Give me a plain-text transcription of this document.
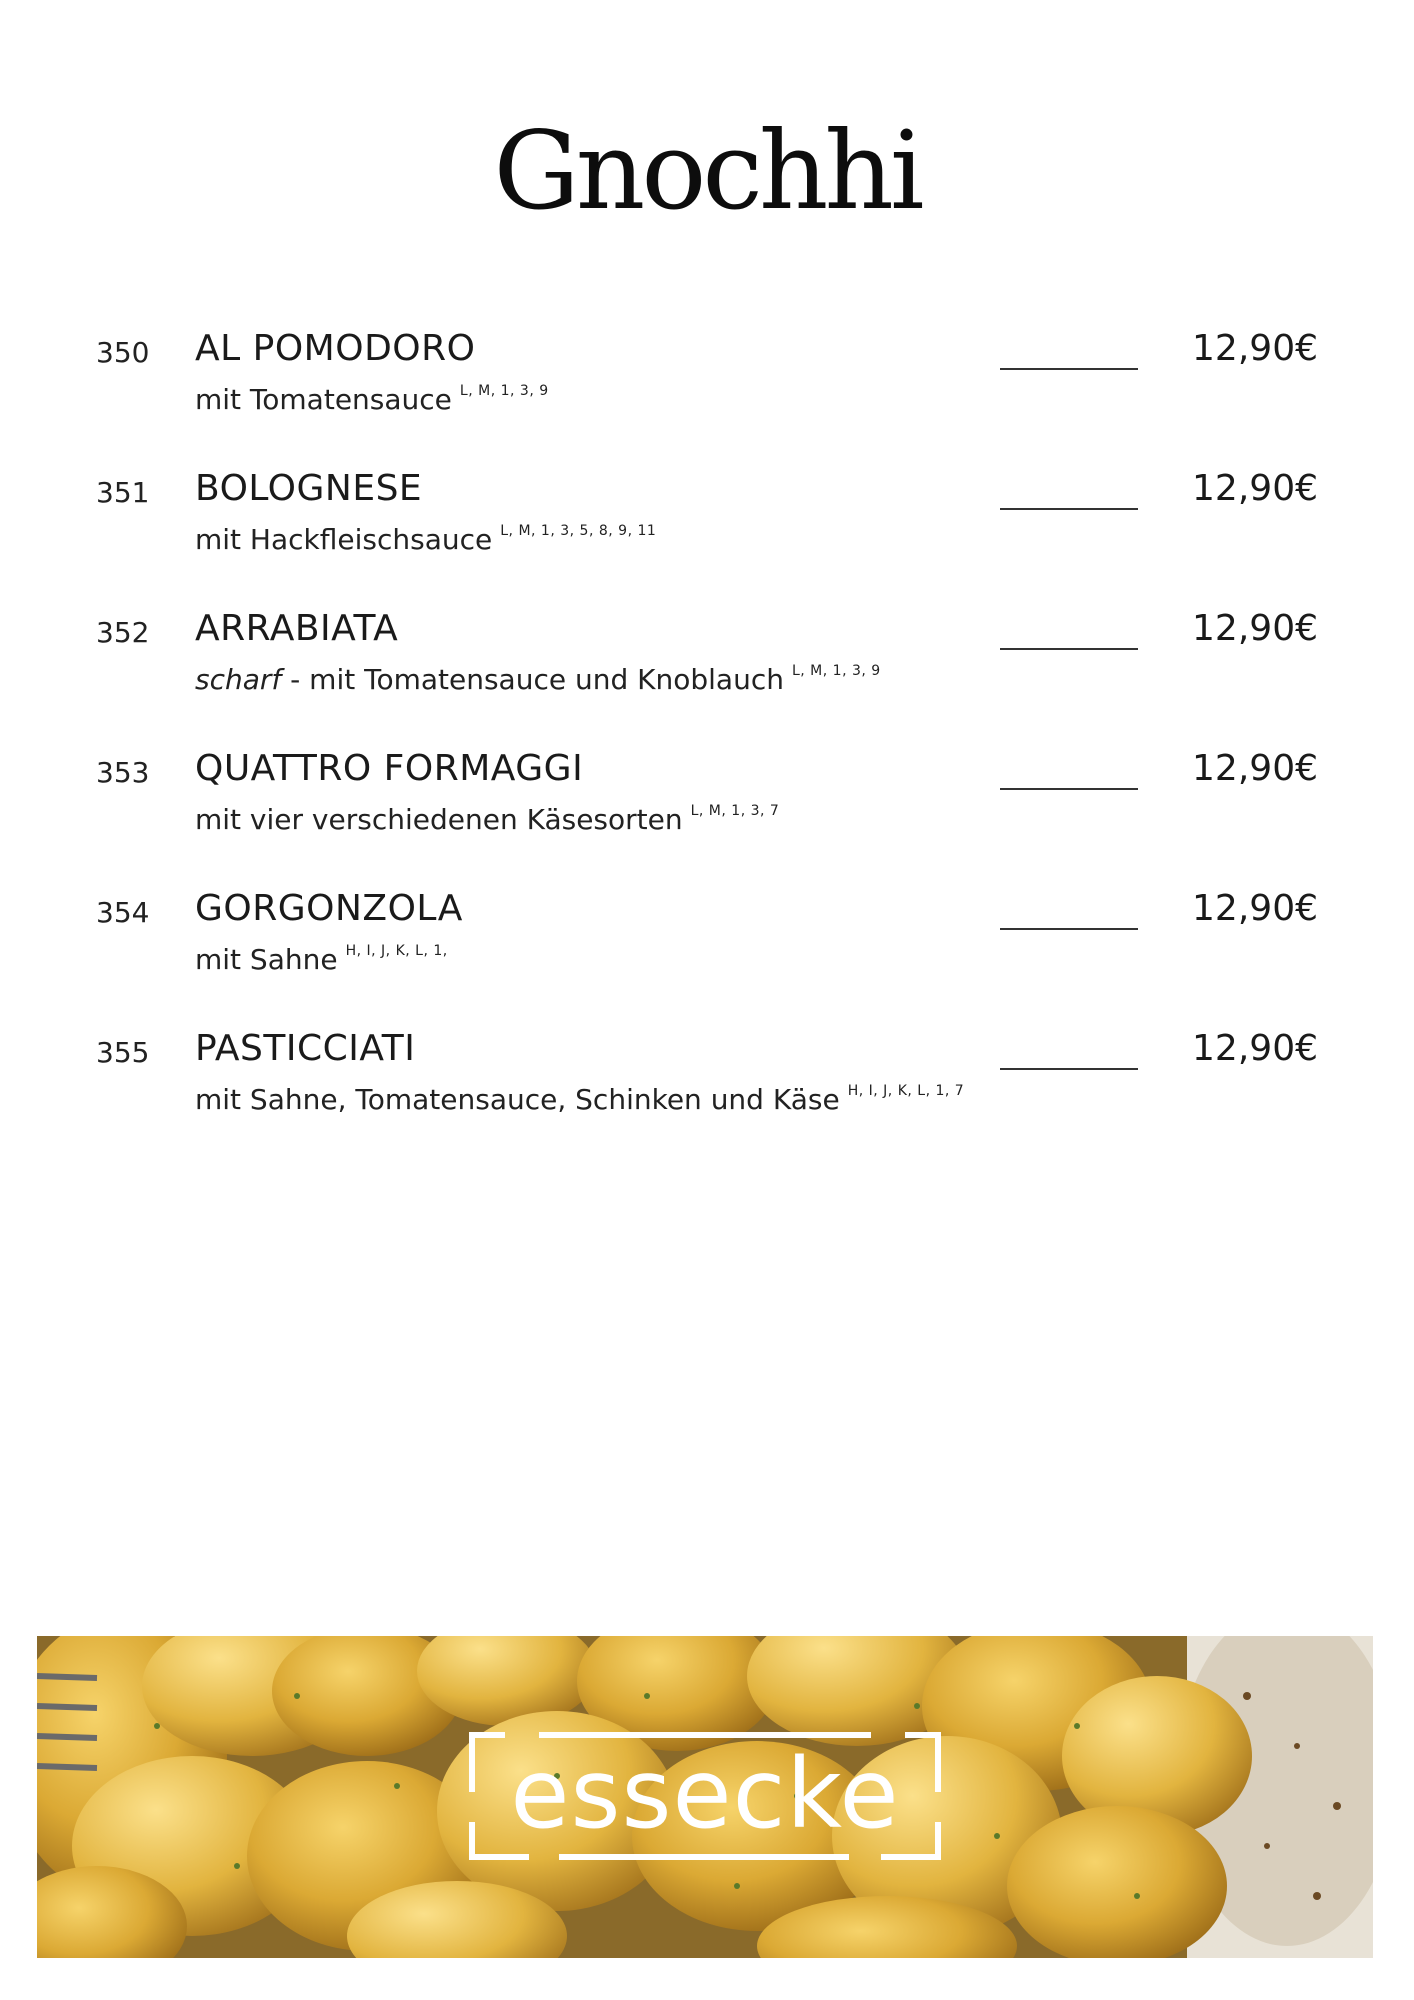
Gnochhi
350 AL POMODORO
mit Tomatensauce $^{L, M, 1, 3, 9}$
12,90€
351 BOLOGNESE
mit Hackfleischsauce $^{L, M, 1, 3, 5, 8, 9, 11}$
12,90€
352 ARRABIATA
scharf - mit Tomatensauce und Knoblauch $^{L, M, 1, 3, 9}$
12,90€
353 QUATTRO FORMAGGI
mit vier verschiedenen Käsesorten $^{L, M, 1, 3, 7}$
12,90€
354 GORGONZOLA
mit Sahne $^{H, I, J, K, L, 1,}$
12,90€
355 PASTICCIATI
mit Sahne, Tomatensauce, Schinken und Käse $^{H, I, J, K, L, 1, 7}$
12,90€
essecke
